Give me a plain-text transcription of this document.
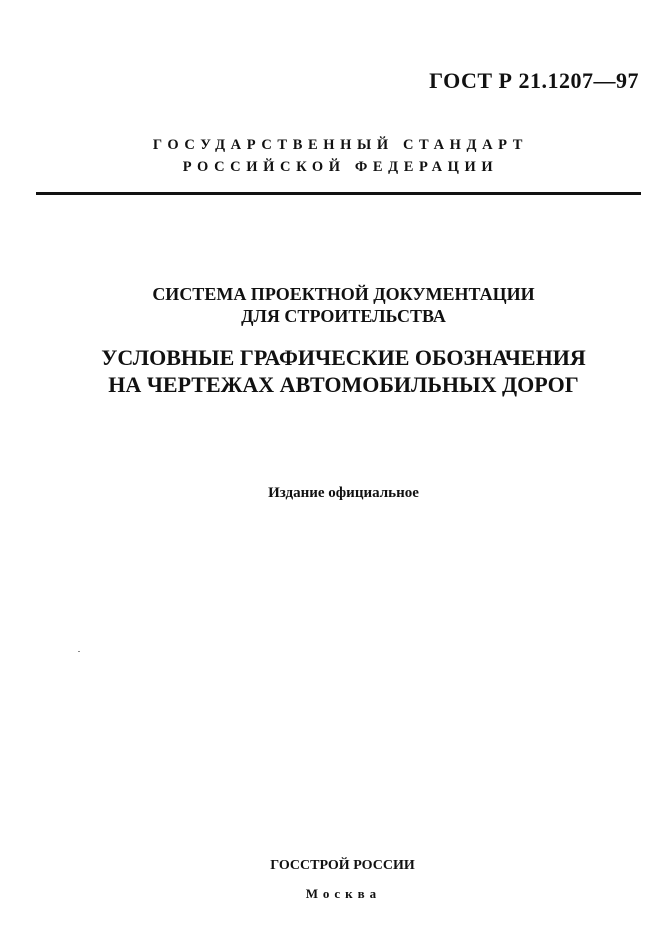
ГОСТ Р 21.1207—97
ГОСУДАРСТВЕННЫЙ СТАНДАРТ
РОССИЙСКОЙ ФЕДЕРАЦИИ
СИСТЕМА ПРОЕКТНОЙ ДОКУМЕНТАЦИИ
ДЛЯ СТРОИТЕЛЬСТВА
УСЛОВНЫЕ ГРАФИЧЕСКИЕ ОБОЗНАЧЕНИЯ
НА ЧЕРТЕЖАХ АВТОМОБИЛЬНЫХ ДОРОГ
Издание официальное
ГОССТРОЙ РОССИИ
Москва
